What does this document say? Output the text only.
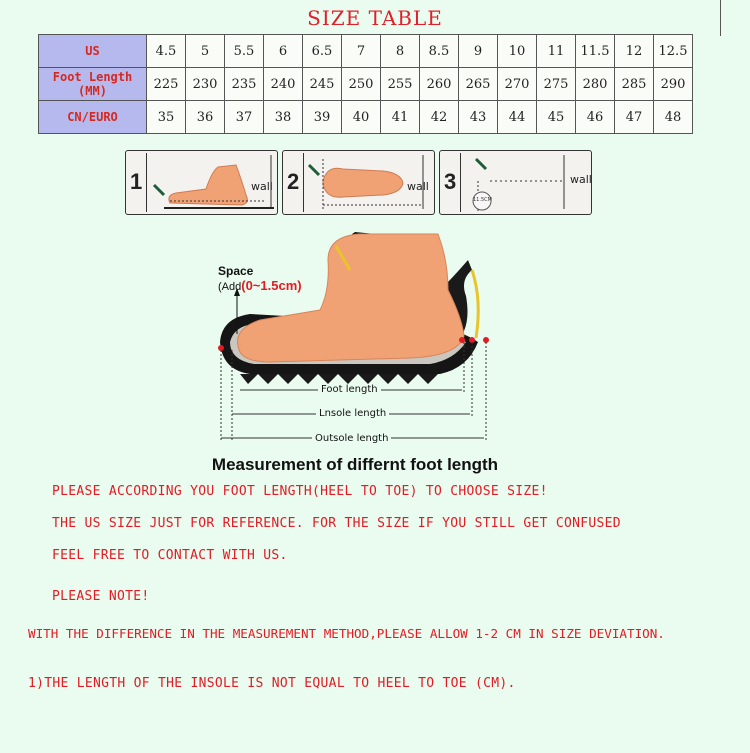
SIZE TABLE
US	4.5	5	5.5	6	6.5	7	8	8.5	9	10	11	11.5	12	12.5

Foot Length
(MM)	225	230	235	240	245	250	255	260	265	270	275	280	285	290
CN/EURO	35	36	37	38	39	40	41	42	43	44	45	46	47	48
1	wall 2	wall 3	wall
11.5CM
Space
(Add(0~1.5cm)
Foot length
Lnsole length
Outsole length
Measurement of differnt foot length
PLEASE ACCORDING YOU FOOT LENGTH(HEEL TO TOE) TO CHOOSE SIZE!
THE US SIZE JUST FOR REFERENCE. FOR THE SIZE IF YOU STILL GET CONFUSED
FEEL FREE TO CONTACT WITH US.
PLEASE NOTE!
WITH THE DIFFERENCE IN THE MEASUREMENT METHOD,PLEASE ALLOW 1-2 CM IN SIZE DEVIATION.
1)THE LENGTH OF THE INSOLE IS NOT EQUAL TO HEEL TO TOE (CM).
